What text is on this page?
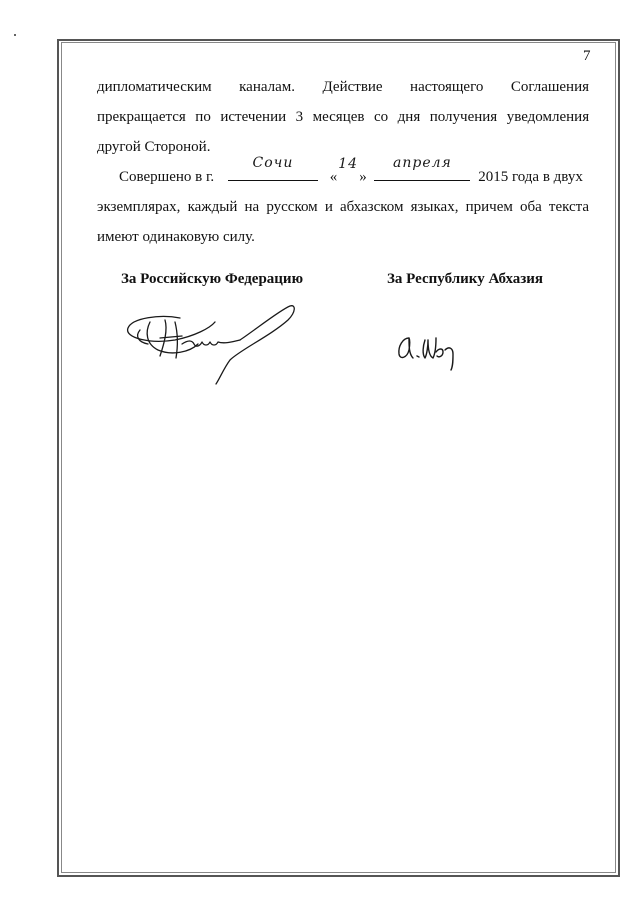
7
дипломатическим каналам. Действие настоящего Соглашения
прекращается по истечении 3 месяцев со дня получения уведомления
другой Стороной.
Совершено в г.
Сочи
«
14
»
апреля
2015 года в двух
экземплярах, каждый на русском и абхазском языках, причем оба текста
имеют одинаковую силу.
За Российскую Федерацию	За Республику Абхазия
